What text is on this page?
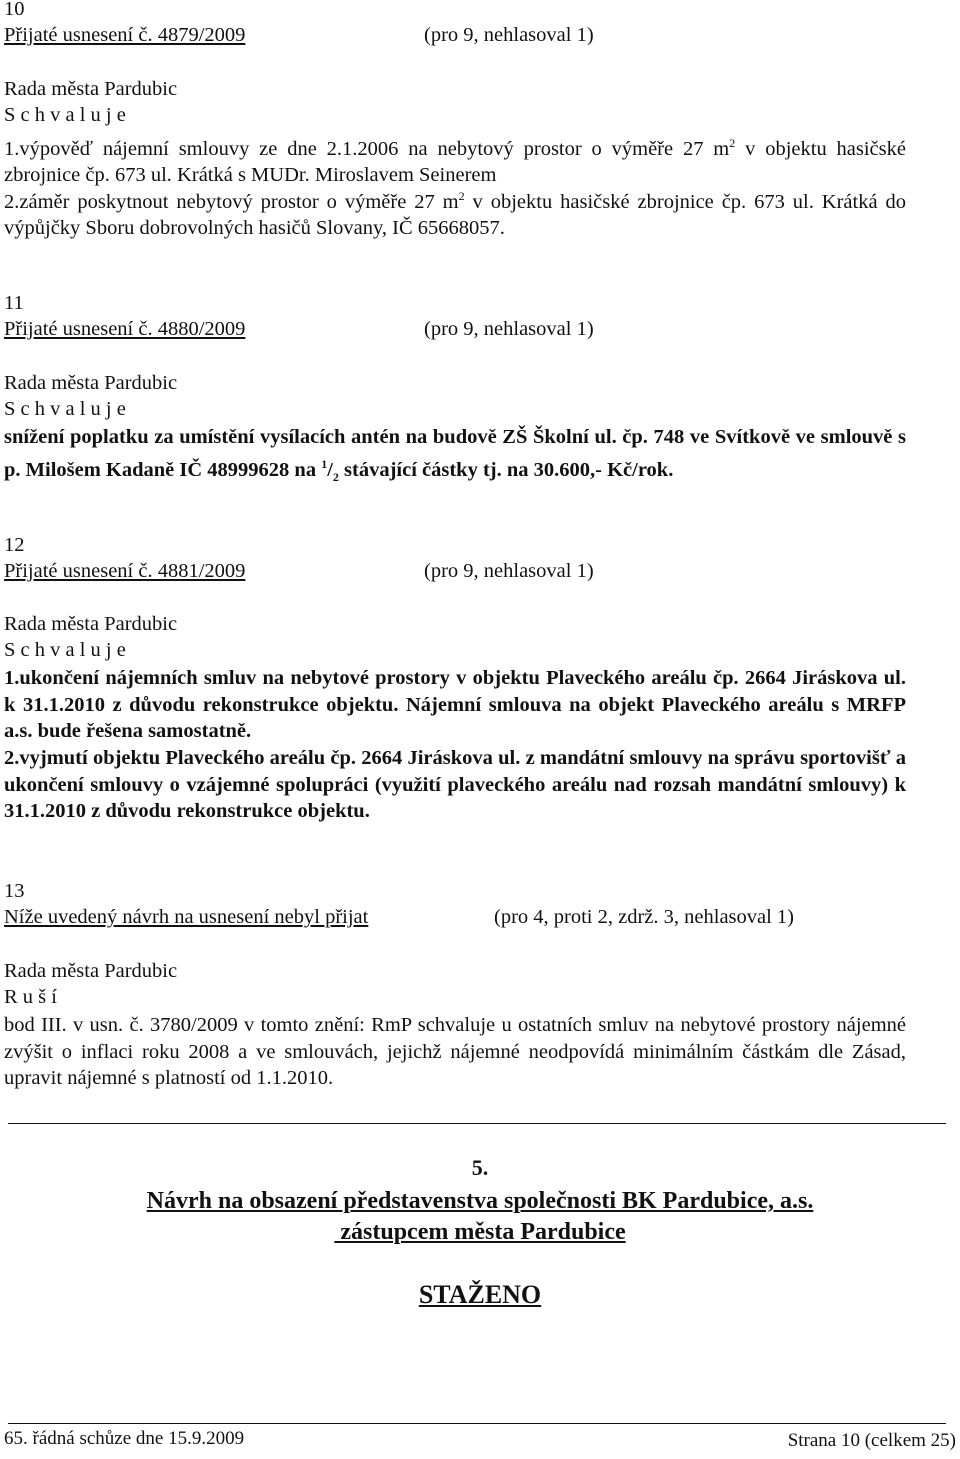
10
Přijaté usnesení č. 4879/2009	(pro 9, nehlasoval 1)
Rada města Pardubic
S c h v a l u j e
1.výpověď nájemní smlouvy ze dne 2.1.2006 na nebytový prostor o výměře 27 $m^2$ v objektu hasičské zbrojnice čp. 673 ul. Krátká s MUDr. Miroslavem Seinerem
2.záměr poskytnout nebytový prostor o výměře 27 $m^2$ v objektu hasičské zbrojnice čp. 673 ul. Krátká do výpůjčky Sboru dobrovolných hasičů Slovany, IČ 65668057.
11
Přijaté usnesení č. 4880/2009	(pro 9, nehlasoval 1)
Rada města Pardubic
S c h v a l u j e
snížení poplatku za umístění vysílacích antén na budově ZŠ Školní ul. čp. 748 ve Svítkově ve smlouvě s p. Milošem Kadaně IČ 48999628 na $^1/_2$ stávající částky tj. na 30.600,- Kč/rok.
12
Přijaté usnesení č. 4881/2009	(pro 9, nehlasoval 1)
Rada města Pardubic
S c h v a l u j e
1.ukončení nájemních smluv na nebytové prostory v objektu Plaveckého areálu čp. 2664 Jiráskova ul. k 31.1.2010 z důvodu rekonstrukce objektu. Nájemní smlouva na objekt Plaveckého areálu s MRFP a.s. bude řešena samostatně.
2.vyjmutí objektu Plaveckého areálu čp. 2664 Jiráskova ul. z mandátní smlouvy na správu sportovišť a ukončení smlouvy o vzájemné spolupráci (využití plaveckého areálu nad rozsah mandátní smlouvy) k 31.1.2010 z důvodu rekonstrukce objektu.
13
Níže uvedený návrh na usnesení nebyl přijat	(pro 4, proti 2, zdrž. 3, nehlasoval 1)
Rada města Pardubic
R u š í
bod III. v usn. č. 3780/2009 v tomto znění: RmP schvaluje u ostatních smluv na nebytové prostory nájemné zvýšit o inflaci roku 2008 a ve smlouvách, jejichž nájemné neodpovídá minimálním částkám dle Zásad, upravit nájemné s platností od 1.1.2010.
5.
Návrh na obsazení představenstva společnosti BK Pardubice, a.s.
zástupcem města Pardubice
STAŽENO
65. řádná schůze dne 15.9.2009	Strana 10 (celkem 25)
